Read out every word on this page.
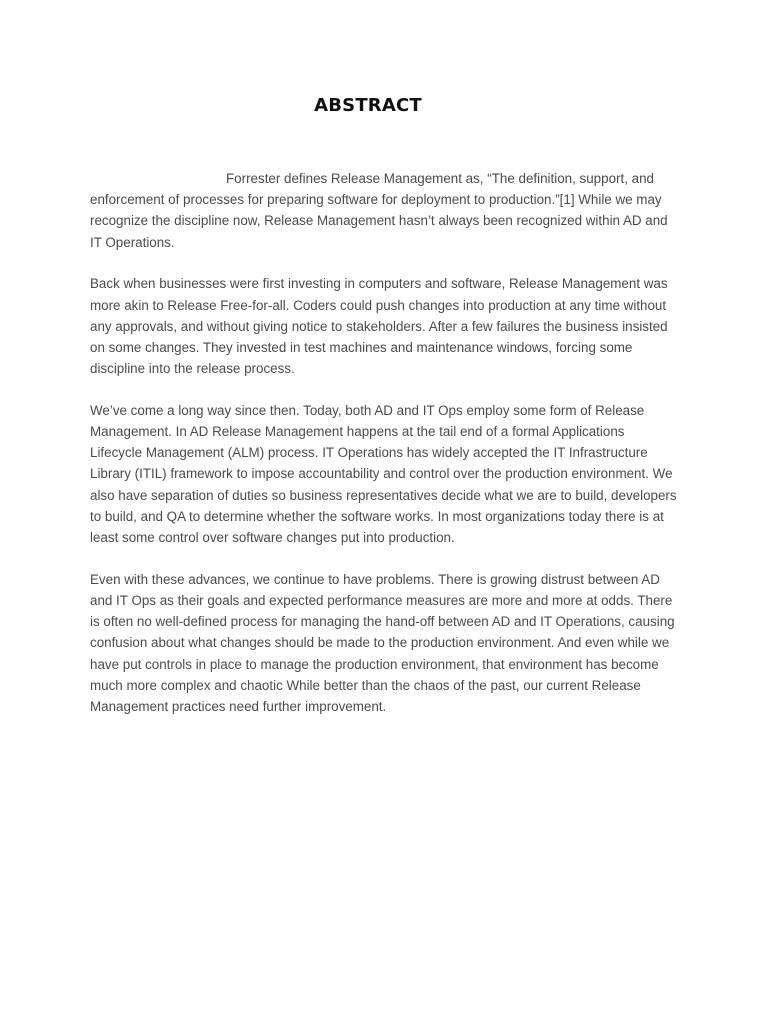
ABSTRACT

Forrester defines Release Management as, “The definition, support, and enforcement of processes for preparing software for deployment to production.”[1] While we may recognize the discipline now, Release Management hasn’t always been recognized within AD and IT Operations.

Back when businesses were first investing in computers and software, Release Management was more akin to Release Free-for-all. Coders could push changes into production at any time without any approvals, and without giving notice to stakeholders. After a few failures the business insisted on some changes. They invested in test machines and maintenance windows, forcing some discipline into the release process.

We’ve come a long way since then. Today, both AD and IT Ops employ some form of Release Management. In AD Release Management happens at the tail end of a formal Applications Lifecycle Management (ALM) process. IT Operations has widely accepted the IT Infrastructure Library (ITIL) framework to impose accountability and control over the production environment. We also have separation of duties so business representatives decide what we are to build, developers to build, and QA to determine whether the software works. In most organizations today there is at least some control over software changes put into production.

Even with these advances, we continue to have problems. There is growing distrust between AD and IT Ops as their goals and expected performance measures are more and more at odds. There is often no well-defined process for managing the hand-off between AD and IT Operations, causing confusion about what changes should be made to the production environment. And even while we have put controls in place to manage the production environment, that environment has become much more complex and chaotic While better than the chaos of the past, our current Release Management practices need further improvement.
